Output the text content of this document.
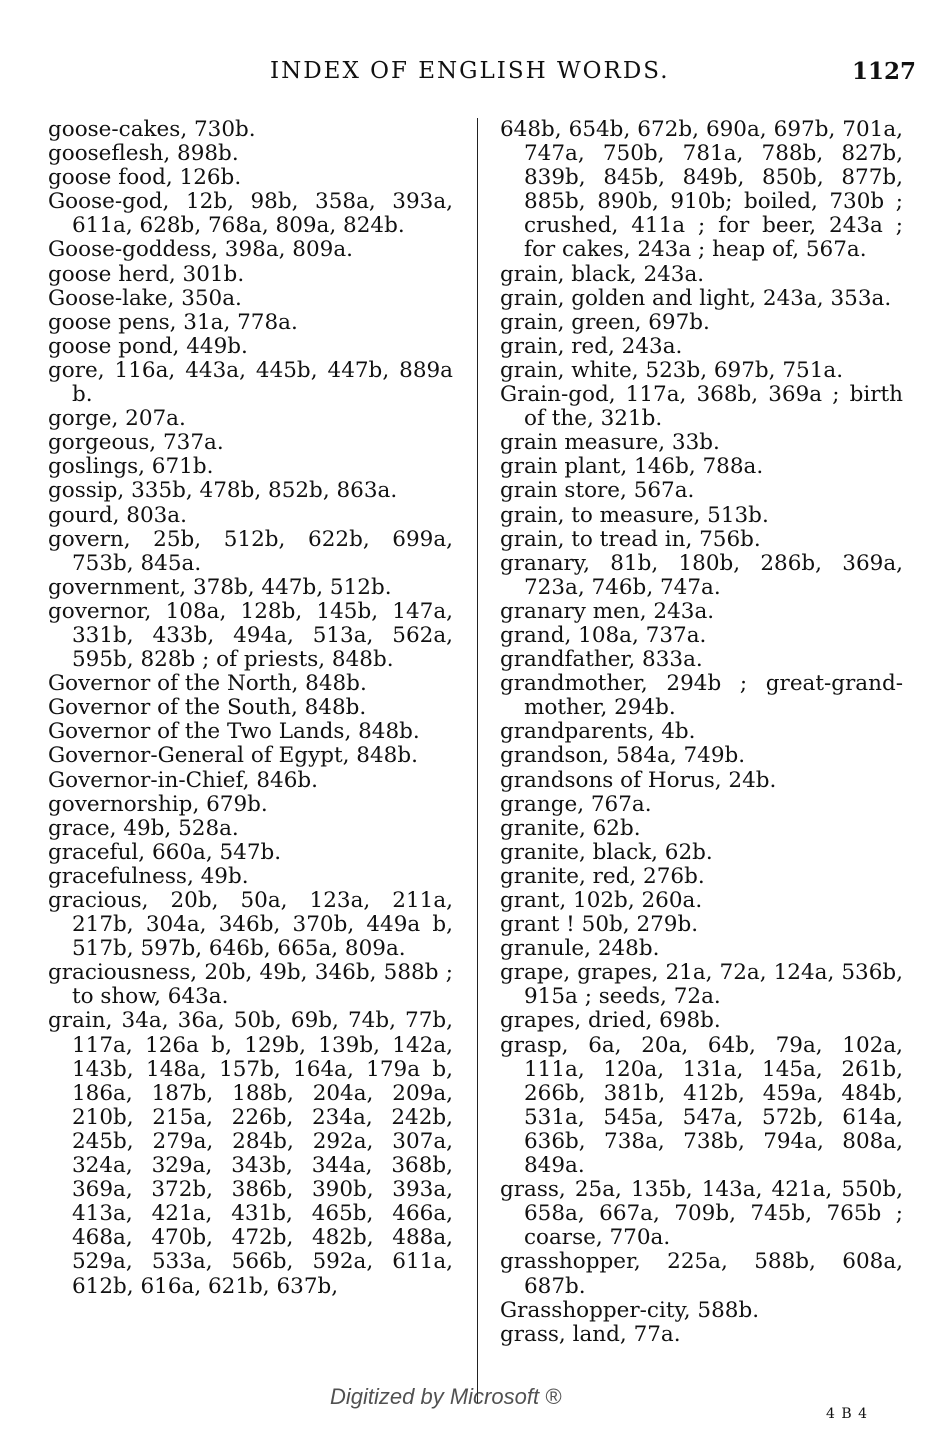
INDEX OF ENGLISH WORDS.	1127
goose-cakes, 730b.
gooseflesh, 898b.
goose food, 126b.
Goose-god, 12b, 98b, 358a, 393a, 611a, 628b, 768a, 809a, 824b.
Goose-goddess, 398a, 809a.
goose herd, 301b.
Goose-lake, 350a.
goose pens, 31a, 778a.
goose pond, 449b.
gore, 116a, 443a, 445b, 447b, 889a b.
gorge, 207a.
gorgeous, 737a.
goslings, 671b.
gossip, 335b, 478b, 852b, 863a.
gourd, 803a.
govern, 25b, 512b, 622b, 699a, 753b, 845a.
government, 378b, 447b, 512b.
governor, 108a, 128b, 145b, 147a, 331b, 433b, 494a, 513a, 562a, 595b, 828b ; of priests, 848b.
Governor of the North, 848b.
Governor of the South, 848b.
Governor of the Two Lands, 848b.
Governor-General of Egypt, 848b.
Governor-in-Chief, 846b.
governorship, 679b.
grace, 49b, 528a.
graceful, 660a, 547b.
gracefulness, 49b.
gracious, 20b, 50a, 123a, 211a, 217b, 304a, 346b, 370b, 449a b, 517b, 597b, 646b, 665a, 809a.
graciousness, 20b, 49b, 346b, 588b ; to show, 643a.
grain, 34a, 36a, 50b, 69b, 74b, 77b, 117a, 126a b, 129b, 139b, 142a, 143b, 148a, 157b, 164a, 179a b, 186a, 187b, 188b, 204a, 209a, 210b, 215a, 226b, 234a, 242b, 245b, 279a, 284b, 292a, 307a, 324a, 329a, 343b, 344a, 368b, 369a, 372b, 386b, 390b, 393a, 413a, 421a, 431b, 465b, 466a, 468a, 470b, 472b, 482b, 488a, 529a, 533a, 566b, 592a, 611a, 612b, 616a, 621b, 637b,
648b, 654b, 672b, 690a, 697b, 701a, 747a, 750b, 781a, 788b, 827b, 839b, 845b, 849b, 850b, 877b, 885b, 890b, 910b; boiled, 730b ; crushed, 411a ; for beer, 243a ; for cakes, 243a ; heap of, 567a.
grain, black, 243a.
grain, golden and light, 243a, 353a.
grain, green, 697b.
grain, red, 243a.
grain, white, 523b, 697b, 751a.
Grain-god, 117a, 368b, 369a ; birth of the, 321b.
grain measure, 33b.
grain plant, 146b, 788a.
grain store, 567a.
grain, to measure, 513b.
grain, to tread in, 756b.
granary, 81b, 180b, 286b, 369a, 723a, 746b, 747a.
granary men, 243a.
grand, 108a, 737a.
grandfather, 833a.
grandmother, 294b ; great-grand-mother, 294b.
grandparents, 4b.
grandson, 584a, 749b.
grandsons of Horus, 24b.
grange, 767a.
granite, 62b.
granite, black, 62b.
granite, red, 276b.
grant, 102b, 260a.
grant ! 50b, 279b.
granule, 248b.
grape, grapes, 21a, 72a, 124a, 536b, 915a ; seeds, 72a.
grapes, dried, 698b.
grasp, 6a, 20a, 64b, 79a, 102a, 111a, 120a, 131a, 145a, 261b, 266b, 381b, 412b, 459a, 484b, 531a, 545a, 547a, 572b, 614a, 636b, 738a, 738b, 794a, 808a, 849a.
grass, 25a, 135b, 143a, 421a, 550b, 658a, 667a, 709b, 745b, 765b ; coarse, 770a.
grasshopper, 225a, 588b, 608a, 687b.
Grasshopper-city, 588b.
grass, land, 77a.
Digitized by Microsoft ®
4 B 4
